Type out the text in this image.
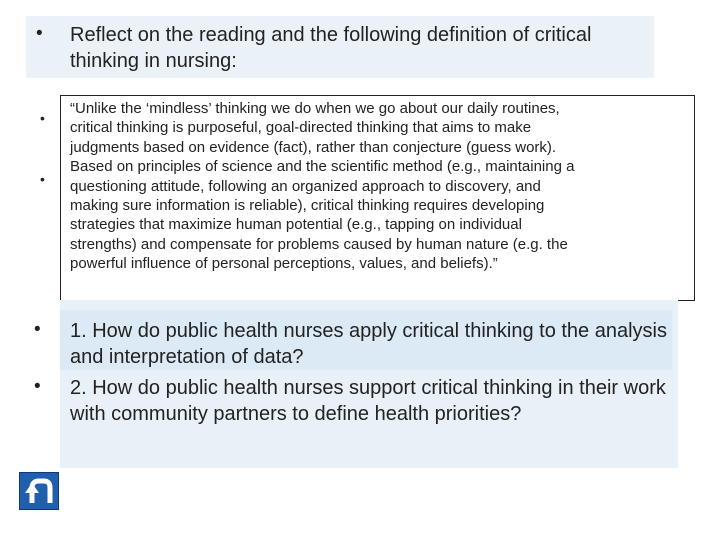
• Reflect on the reading and the following definition of critical thinking in nursing:
•
•
“Unlike the ‘mindless’ thinking we do when we go about our daily routines,
critical thinking is purposeful, goal-directed thinking that aims to make
judgments based on evidence (fact), rather than conjecture (guess work).
Based on principles of science and the scientific method (e.g., maintaining a
questioning attitude, following an organized approach to discovery, and
making sure information is reliable), critical thinking requires developing
strategies that maximize human potential (e.g., tapping on individual
strengths) and compensate for problems caused by human nature (e.g. the
powerful influence of personal perceptions, values, and beliefs).”
• 1. How do public health nurses apply critical thinking to the analysis and interpretation of data?
• 2. How do public health nurses support critical thinking in their work with community partners to define health priorities?
